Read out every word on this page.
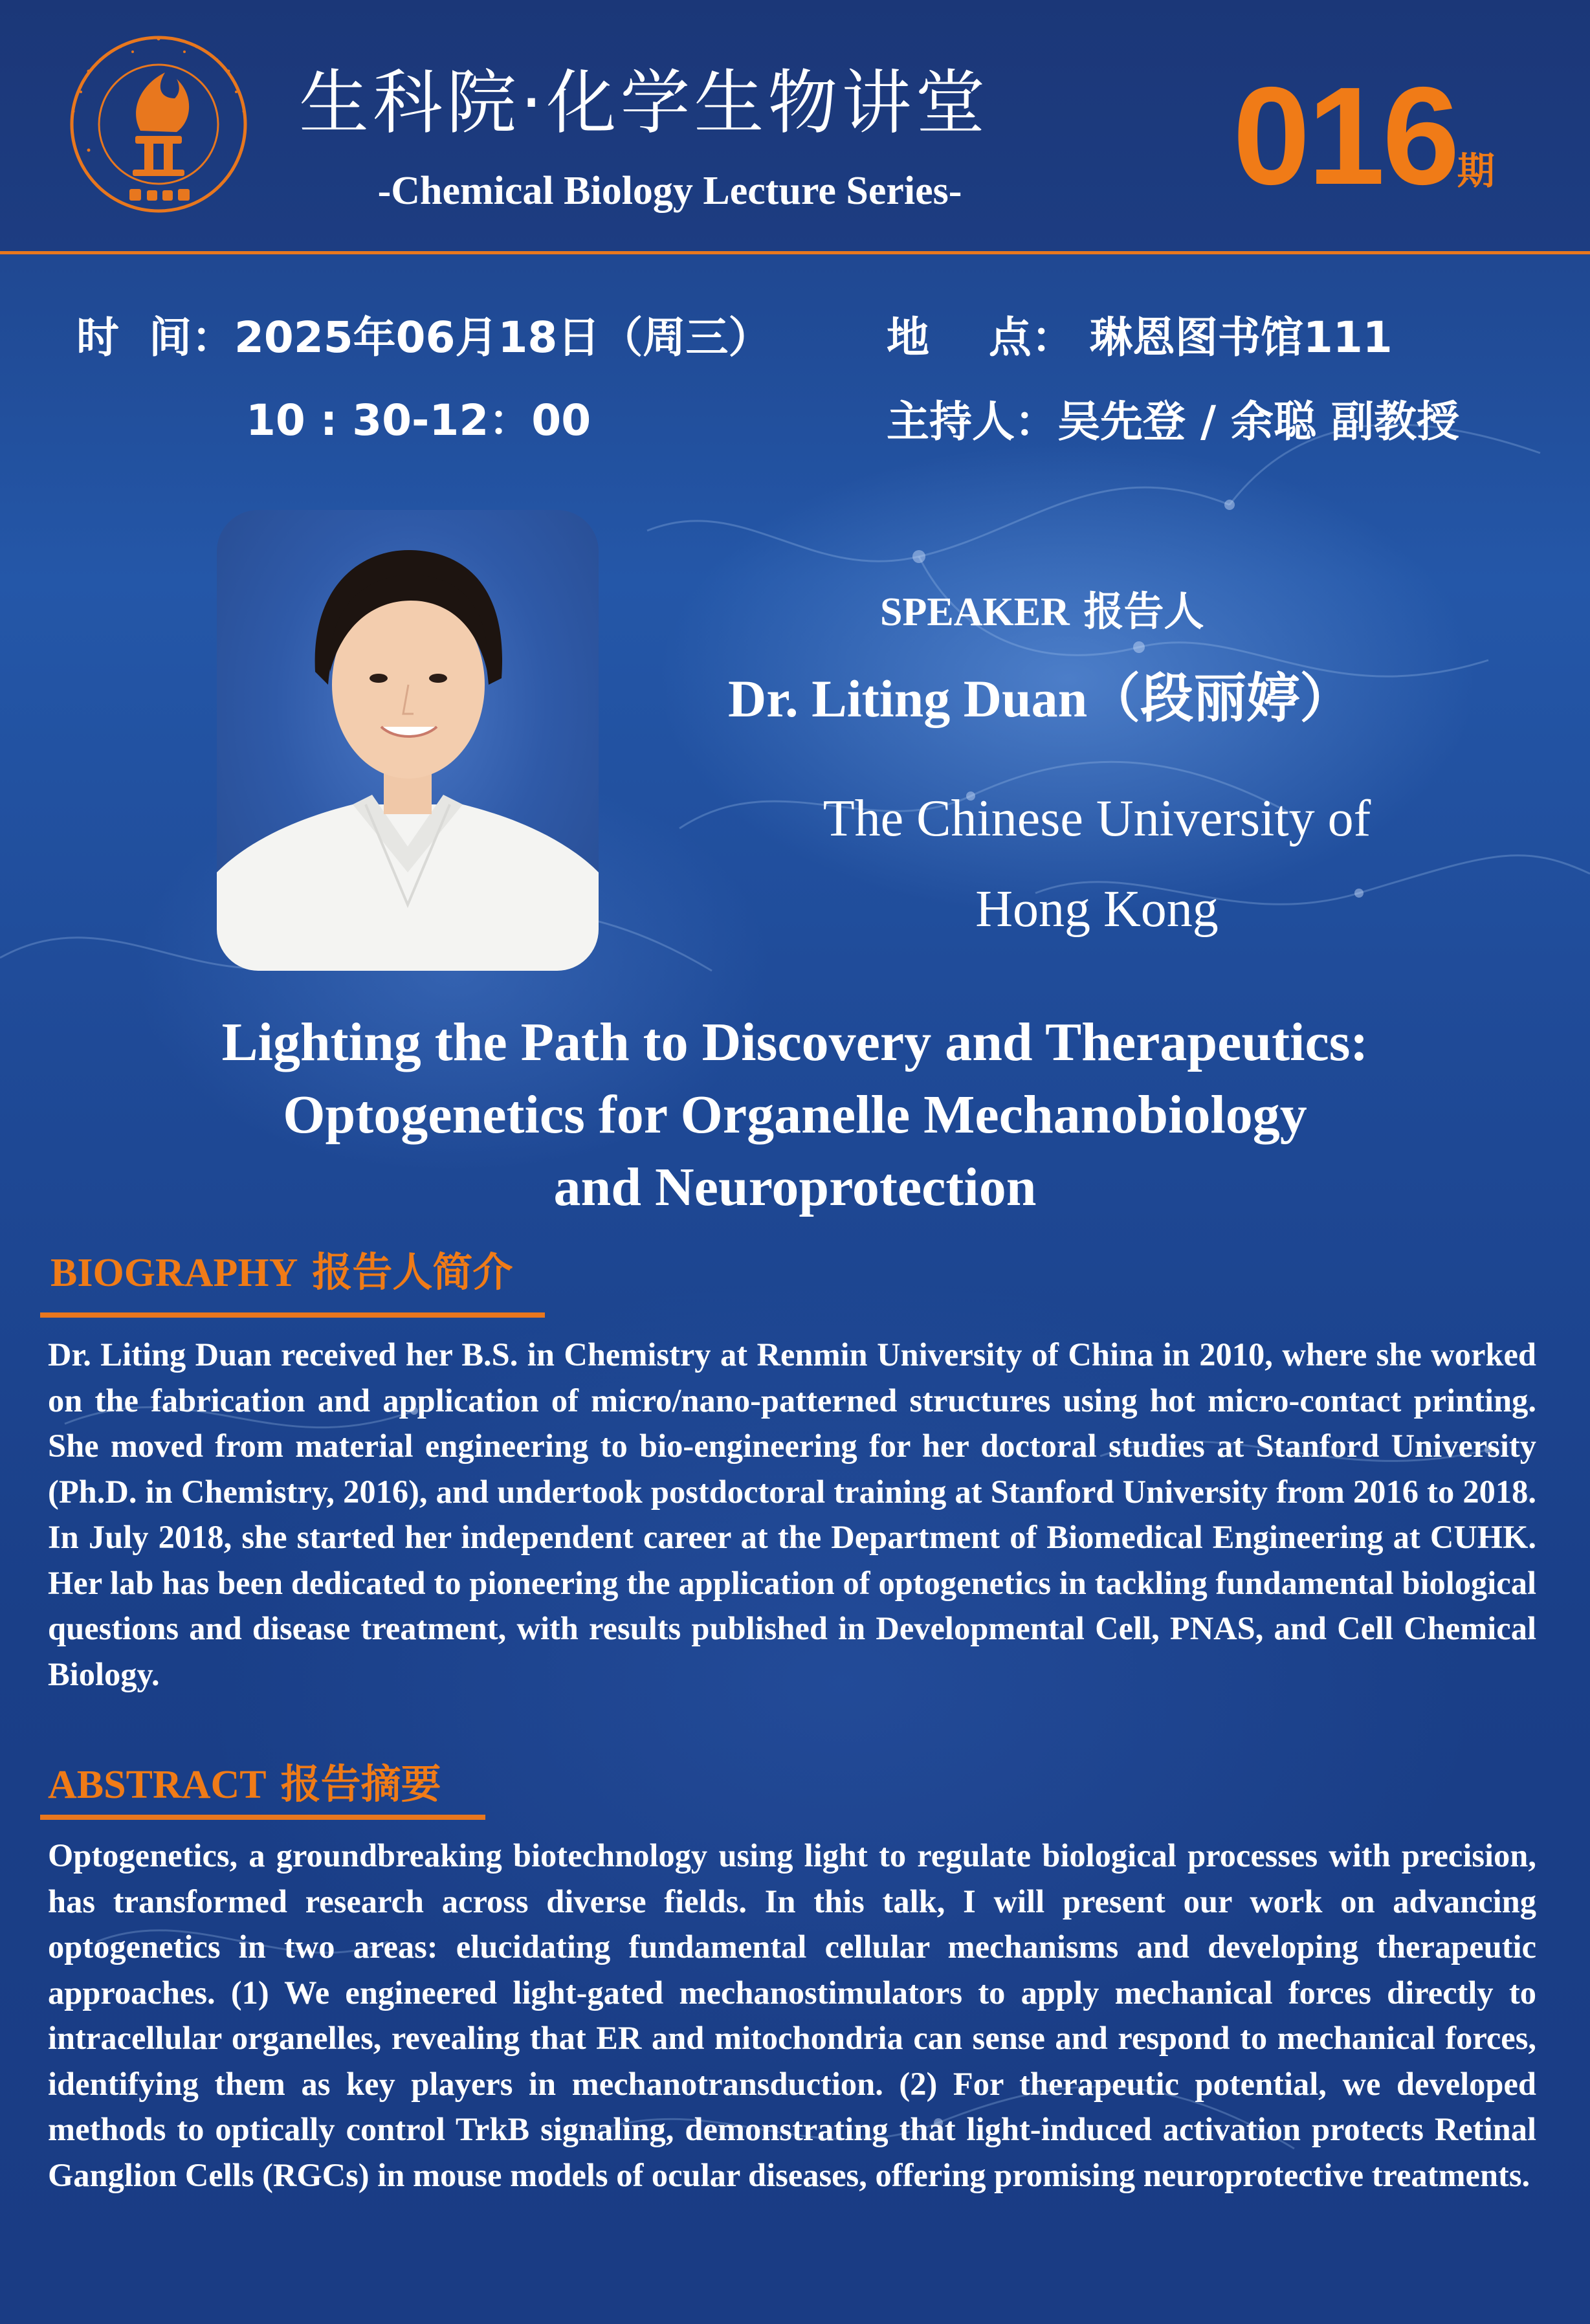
生科院·化学生物讲堂
-Chemical Biology Lecture Series-	016期
时  间：2025年06月18日（周三）
10 : 30-12：00
地    点： 琳恩图书馆111
主持人：吴先登 / 余聪 副教授
SPEAKER 报告人
Dr. Liting Duan（段丽婷）
The Chinese University of
Hong Kong
Lighting the Path to Discovery and Therapeutics:
Optogenetics for Organelle Mechanobiology
and Neuroprotection
BIOGRAPHY 报告人简介
Dr. Liting Duan received her B.S. in Chemistry at Renmin University of China in 2010, where she worked on the fabrication and application of micro/nano-patterned structures using hot micro-contact printing. She moved from material engineering to bio-engineering for her doctoral studies at Stanford University (Ph.D. in Chemistry, 2016), and undertook postdoctoral training at Stanford University from 2016 to 2018. In July 2018, she started her independent career at the Department of Biomedical Engineering at CUHK. Her lab has been dedicated to pioneering the application of optogenetics in tackling fundamental biological questions and disease treatment, with results published in Developmental Cell, PNAS, and Cell Chemical Biology.
ABSTRACT 报告摘要
Optogenetics, a groundbreaking biotechnology using light to regulate biological processes with precision, has transformed research across diverse fields. In this talk, I will present our work on advancing optogenetics in two areas: elucidating fundamental cellular mechanisms and developing therapeutic approaches. (1) We engineered light-gated mechanostimulators to apply mechanical forces directly to intracellular organelles, revealing that ER and mitochondria can sense and respond to mechanical forces, identifying them as key players in mechanotransduction. (2) For therapeutic potential, we developed methods to optically control TrkB signaling, demonstrating that light-induced activation protects Retinal Ganglion Cells (RGCs) in mouse models of ocular diseases, offering promising neuroprotective treatments.
